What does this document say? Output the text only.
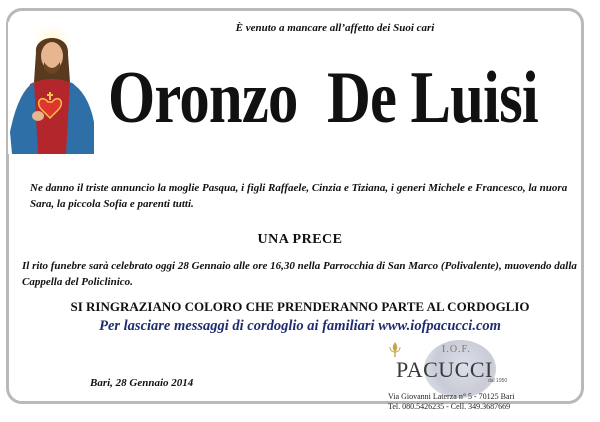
È venuto a mancare all’affetto dei Suoi cari
Oronzo De Luisi
Ne danno il triste annuncio la moglie Pasqua, i figli Raffaele, Cinzia e Tiziana, i generi Michele e Francesco, la nuora Sara, la piccola Sofia e parenti tutti.
UNA PRECE
Il rito funebre sarà celebrato oggi 28 Gennaio alle ore 16,30 nella Parrocchia di San Marco (Polivalente), muovendo dalla Cappella del Policlinico.
SI RINGRAZIANO COLORO CHE PRENDERANNO PARTE AL CORDOGLIO
Per lasciare messaggi di cordoglio ai familiari www.iofpacucci.com
Bari, 28 Gennaio 2014
I.O.F.
PACUCCI
dal 1950
Via Giovanni Laterza n° 5 - 70125 Bari
Tel. 080.5426235 - Cell. 349.3687669
